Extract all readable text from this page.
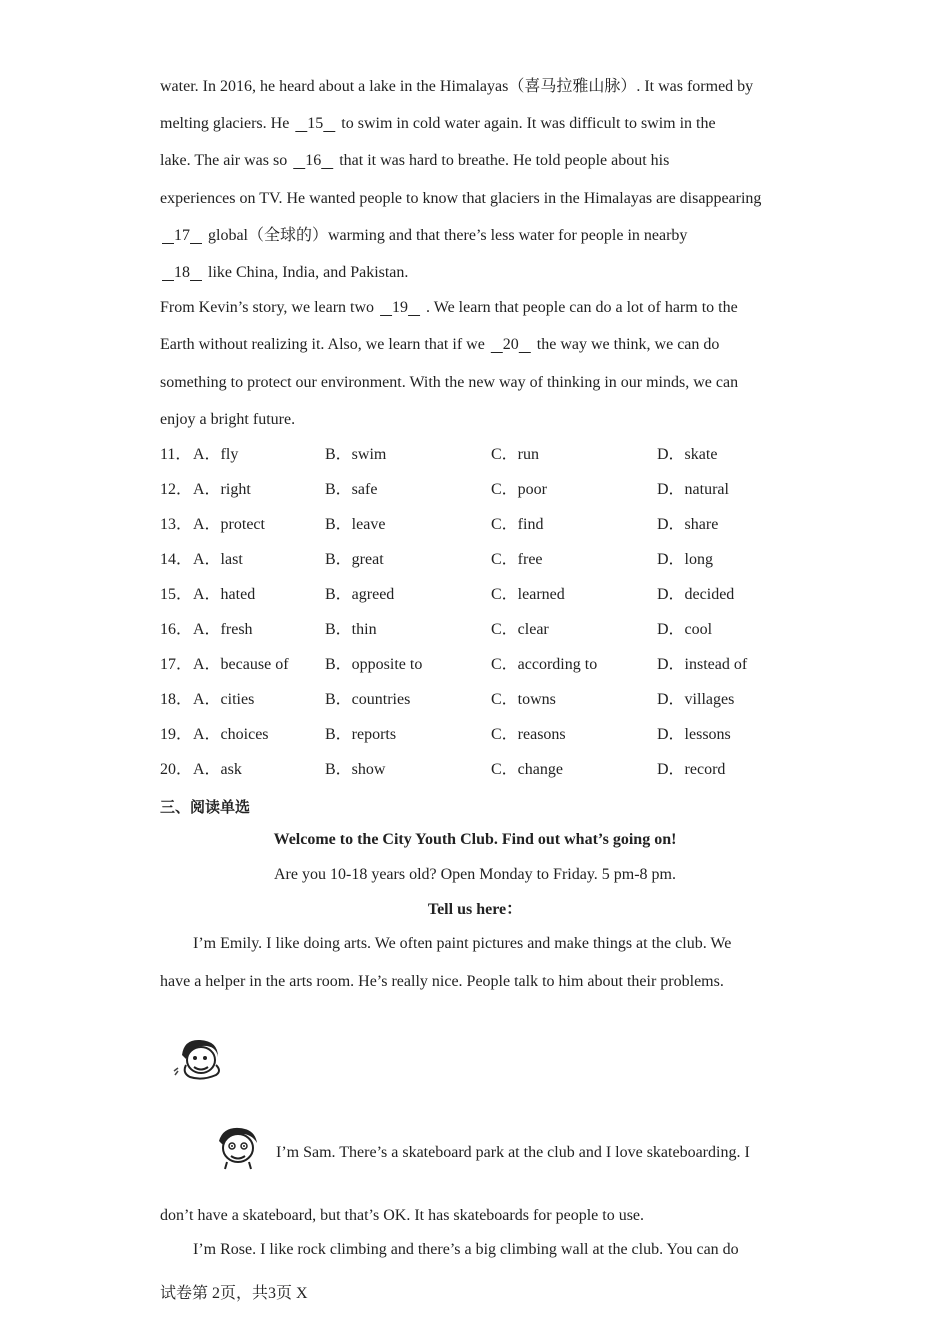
water. In 2016, he heard about a lake in the Himalayas（喜马拉雅山脉）. It was formed by
melting glaciers. He 15 to swim in cold water again. It was difficult to swim in the
lake. The air was so 16 that it was hard to breathe. He told people about his
experiences on TV. He wanted people to know that glaciers in the Himalayas are disappearing
17 global（全球的）warming and that there’s less water for people in nearby
18 like China, India, and Pakistan.
From Kevin’s story, we learn two 19 . We learn that people can do a lot of harm to the
Earth without realizing it. Also, we learn that if we 20 the way we think, we can do
something to protect our environment. With the new way of thinking in our minds, we can
enjoy a bright future.
11． A．fly	B．swim	C．run	D．skate
12． A．right	B．safe	C．poor	D．natural
13． A．protect	B．leave	C．find	D．share
14． A．last	B．great	C．free	D．long
15． A．hated	B．agreed	C．learned	D．decided
16． A．fresh	B．thin	C．clear	D．cool
17． A．because of B．opposite to	C．according to	D．instead of
18． A．cities	B．countries	C．towns	D．villages
19． A．choices	B．reports	C．reasons	D．lessons
20． A．ask	B．show	C．change	D．record
三、阅读单选
Welcome to the City Youth Club. Find out what’s going on!
Are you 10-18 years old? Open Monday to Friday. 5 pm-8 pm.
Tell us here：
I’m Emily. I like doing arts. We often paint pictures and make things at the club. We
have a helper in the arts room. He’s really nice. People talk to him about their problems.
I’m Sam. There’s a skateboard park at the club and I love skateboarding. I
don’t have a skateboard, but that’s OK. It has skateboards for people to use.
I’m Rose. I like rock climbing and there’s a big climbing wall at the club. You can do
试卷第 2页，共3页 X
